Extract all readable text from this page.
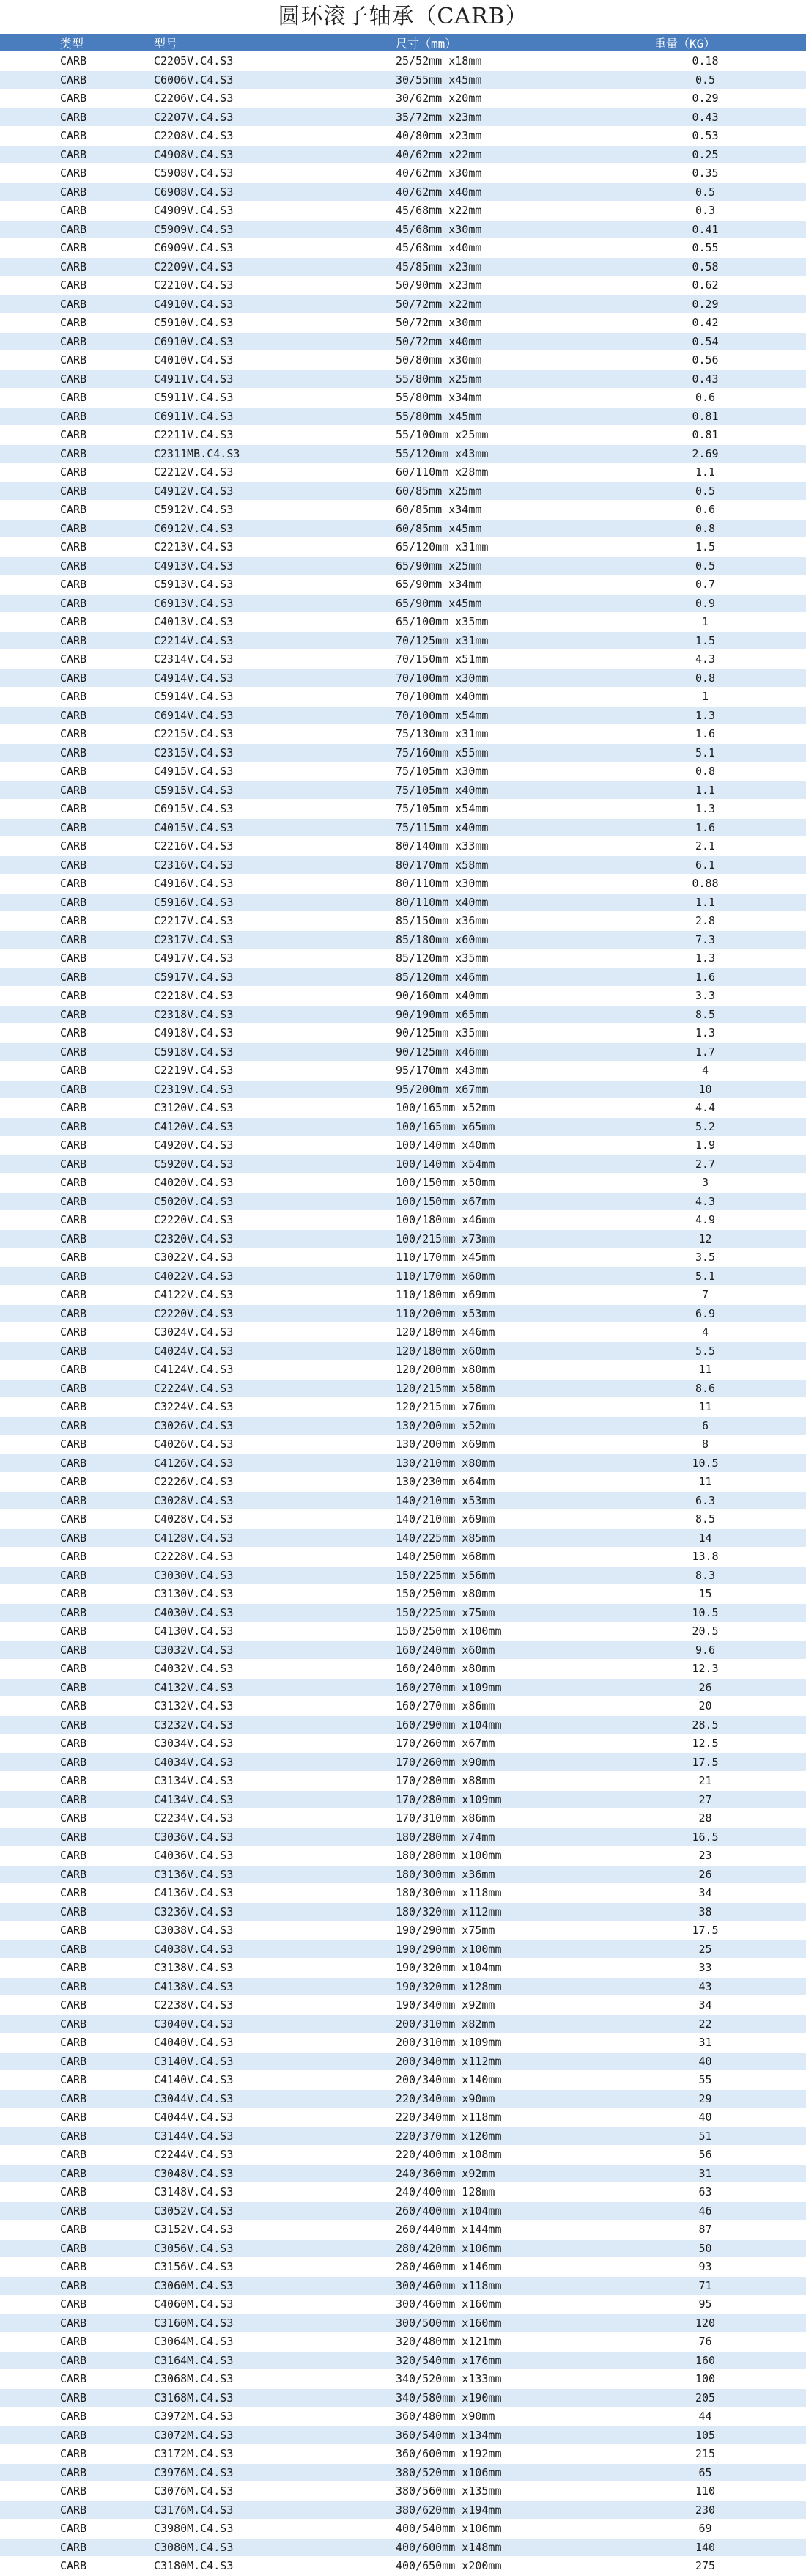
圆环滚子轴承（CARB）
类型	型号	尺寸（mm）	重量（KG）
CARB	C2205V.C4.S3	25/52mm x18mm	0.18
CARB	C6006V.C4.S3	30/55mm x45mm	0.5
CARB	C2206V.C4.S3	30/62mm x20mm	0.29
CARB	C2207V.C4.S3	35/72mm x23mm	0.43
CARB	C2208V.C4.S3	40/80mm x23mm	0.53
CARB	C4908V.C4.S3	40/62mm x22mm	0.25
CARB	C5908V.C4.S3	40/62mm x30mm	0.35
CARB	C6908V.C4.S3	40/62mm x40mm	0.5
CARB	C4909V.C4.S3	45/68mm x22mm	0.3
CARB	C5909V.C4.S3	45/68mm x30mm	0.41
CARB	C6909V.C4.S3	45/68mm x40mm	0.55
CARB	C2209V.C4.S3	45/85mm x23mm	0.58
CARB	C2210V.C4.S3	50/90mm x23mm	0.62
CARB	C4910V.C4.S3	50/72mm x22mm	0.29
CARB	C5910V.C4.S3	50/72mm x30mm	0.42
CARB	C6910V.C4.S3	50/72mm x40mm	0.54
CARB	C4010V.C4.S3	50/80mm x30mm	0.56
CARB	C4911V.C4.S3	55/80mm x25mm	0.43
CARB	C5911V.C4.S3	55/80mm x34mm	0.6
CARB	C6911V.C4.S3	55/80mm x45mm	0.81
CARB	C2211V.C4.S3	55/100mm x25mm	0.81
CARB	C2311MB.C4.S3	55/120mm x43mm	2.69
CARB	C2212V.C4.S3	60/110mm x28mm	1.1
CARB	C4912V.C4.S3	60/85mm x25mm	0.5
CARB	C5912V.C4.S3	60/85mm x34mm	0.6
CARB	C6912V.C4.S3	60/85mm x45mm	0.8
CARB	C2213V.C4.S3	65/120mm x31mm	1.5
CARB	C4913V.C4.S3	65/90mm x25mm	0.5
CARB	C5913V.C4.S3	65/90mm x34mm	0.7
CARB	C6913V.C4.S3	65/90mm x45mm	0.9
CARB	C4013V.C4.S3	65/100mm x35mm	1
CARB	C2214V.C4.S3	70/125mm x31mm	1.5
CARB	C2314V.C4.S3	70/150mm x51mm	4.3
CARB	C4914V.C4.S3	70/100mm x30mm	0.8
CARB	C5914V.C4.S3	70/100mm x40mm	1
CARB	C6914V.C4.S3	70/100mm x54mm	1.3
CARB	C2215V.C4.S3	75/130mm x31mm	1.6
CARB	C2315V.C4.S3	75/160mm x55mm	5.1
CARB	C4915V.C4.S3	75/105mm x30mm	0.8
CARB	C5915V.C4.S3	75/105mm x40mm	1.1
CARB	C6915V.C4.S3	75/105mm x54mm	1.3
CARB	C4015V.C4.S3	75/115mm x40mm	1.6
CARB	C2216V.C4.S3	80/140mm x33mm	2.1
CARB	C2316V.C4.S3	80/170mm x58mm	6.1
CARB	C4916V.C4.S3	80/110mm x30mm	0.88
CARB	C5916V.C4.S3	80/110mm x40mm	1.1
CARB	C2217V.C4.S3	85/150mm x36mm	2.8
CARB	C2317V.C4.S3	85/180mm x60mm	7.3
CARB	C4917V.C4.S3	85/120mm x35mm	1.3
CARB	C5917V.C4.S3	85/120mm x46mm	1.6
CARB	C2218V.C4.S3	90/160mm x40mm	3.3
CARB	C2318V.C4.S3	90/190mm x65mm	8.5
CARB	C4918V.C4.S3	90/125mm x35mm	1.3
CARB	C5918V.C4.S3	90/125mm x46mm	1.7
CARB	C2219V.C4.S3	95/170mm x43mm	4
CARB	C2319V.C4.S3	95/200mm x67mm	10
CARB	C3120V.C4.S3	100/165mm x52mm	4.4
CARB	C4120V.C4.S3	100/165mm x65mm	5.2
CARB	C4920V.C4.S3	100/140mm x40mm	1.9
CARB	C5920V.C4.S3	100/140mm x54mm	2.7
CARB	C4020V.C4.S3	100/150mm x50mm	3
CARB	C5020V.C4.S3	100/150mm x67mm	4.3
CARB	C2220V.C4.S3	100/180mm x46mm	4.9
CARB	C2320V.C4.S3	100/215mm x73mm	12
CARB	C3022V.C4.S3	110/170mm x45mm	3.5
CARB	C4022V.C4.S3	110/170mm x60mm	5.1
CARB	C4122V.C4.S3	110/180mm x69mm	7
CARB	C2220V.C4.S3	110/200mm x53mm	6.9
CARB	C3024V.C4.S3	120/180mm x46mm	4
CARB	C4024V.C4.S3	120/180mm x60mm	5.5
CARB	C4124V.C4.S3	120/200mm x80mm	11
CARB	C2224V.C4.S3	120/215mm x58mm	8.6
CARB	C3224V.C4.S3	120/215mm x76mm	11
CARB	C3026V.C4.S3	130/200mm x52mm	6
CARB	C4026V.C4.S3	130/200mm x69mm	8
CARB	C4126V.C4.S3	130/210mm x80mm	10.5
CARB	C2226V.C4.S3	130/230mm x64mm	11
CARB	C3028V.C4.S3	140/210mm x53mm	6.3
CARB	C4028V.C4.S3	140/210mm x69mm	8.5
CARB	C4128V.C4.S3	140/225mm x85mm	14
CARB	C2228V.C4.S3	140/250mm x68mm	13.8
CARB	C3030V.C4.S3	150/225mm x56mm	8.3
CARB	C3130V.C4.S3	150/250mm x80mm	15
CARB	C4030V.C4.S3	150/225mm x75mm	10.5
CARB	C4130V.C4.S3	150/250mm x100mm	20.5
CARB	C3032V.C4.S3	160/240mm x60mm	9.6
CARB	C4032V.C4.S3	160/240mm x80mm	12.3
CARB	C4132V.C4.S3	160/270mm x109mm	26
CARB	C3132V.C4.S3	160/270mm x86mm	20
CARB	C3232V.C4.S3	160/290mm x104mm	28.5
CARB	C3034V.C4.S3	170/260mm x67mm	12.5
CARB	C4034V.C4.S3	170/260mm x90mm	17.5
CARB	C3134V.C4.S3	170/280mm x88mm	21
CARB	C4134V.C4.S3	170/280mm x109mm	27
CARB	C2234V.C4.S3	170/310mm x86mm	28
CARB	C3036V.C4.S3	180/280mm x74mm	16.5
CARB	C4036V.C4.S3	180/280mm x100mm	23
CARB	C3136V.C4.S3	180/300mm x36mm	26
CARB	C4136V.C4.S3	180/300mm x118mm	34
CARB	C3236V.C4.S3	180/320mm x112mm	38
CARB	C3038V.C4.S3	190/290mm x75mm	17.5
CARB	C4038V.C4.S3	190/290mm x100mm	25
CARB	C3138V.C4.S3	190/320mm x104mm	33
CARB	C4138V.C4.S3	190/320mm x128mm	43
CARB	C2238V.C4.S3	190/340mm x92mm	34
CARB	C3040V.C4.S3	200/310mm x82mm	22
CARB	C4040V.C4.S3	200/310mm x109mm	31
CARB	C3140V.C4.S3	200/340mm x112mm	40
CARB	C4140V.C4.S3	200/340mm x140mm	55
CARB	C3044V.C4.S3	220/340mm x90mm	29
CARB	C4044V.C4.S3	220/340mm x118mm	40
CARB	C3144V.C4.S3	220/370mm x120mm	51
CARB	C2244V.C4.S3	220/400mm x108mm	56
CARB	C3048V.C4.S3	240/360mm x92mm	31
CARB	C3148V.C4.S3	240/400mm 128mm	63
CARB	C3052V.C4.S3	260/400mm x104mm	46
CARB	C3152V.C4.S3	260/440mm x144mm	87
CARB	C3056V.C4.S3	280/420mm x106mm	50
CARB	C3156V.C4.S3	280/460mm x146mm	93
CARB	C3060M.C4.S3	300/460mm x118mm	71
CARB	C4060M.C4.S3	300/460mm x160mm	95
CARB	C3160M.C4.S3	300/500mm x160mm	120
CARB	C3064M.C4.S3	320/480mm x121mm	76
CARB	C3164M.C4.S3	320/540mm x176mm	160
CARB	C3068M.C4.S3	340/520mm x133mm	100
CARB	C3168M.C4.S3	340/580mm x190mm	205
CARB	C3972M.C4.S3	360/480mm x90mm	44
CARB	C3072M.C4.S3	360/540mm x134mm	105
CARB	C3172M.C4.S3	360/600mm x192mm	215
CARB	C3976M.C4.S3	380/520mm x106mm	65
CARB	C3076M.C4.S3	380/560mm x135mm	110
CARB	C3176M.C4.S3	380/620mm x194mm	230
CARB	C3980M.C4.S3	400/540mm x106mm	69
CARB	C3080M.C4.S3	400/600mm x148mm	140
CARB	C3180M.C4.S3	400/650mm x200mm	275
